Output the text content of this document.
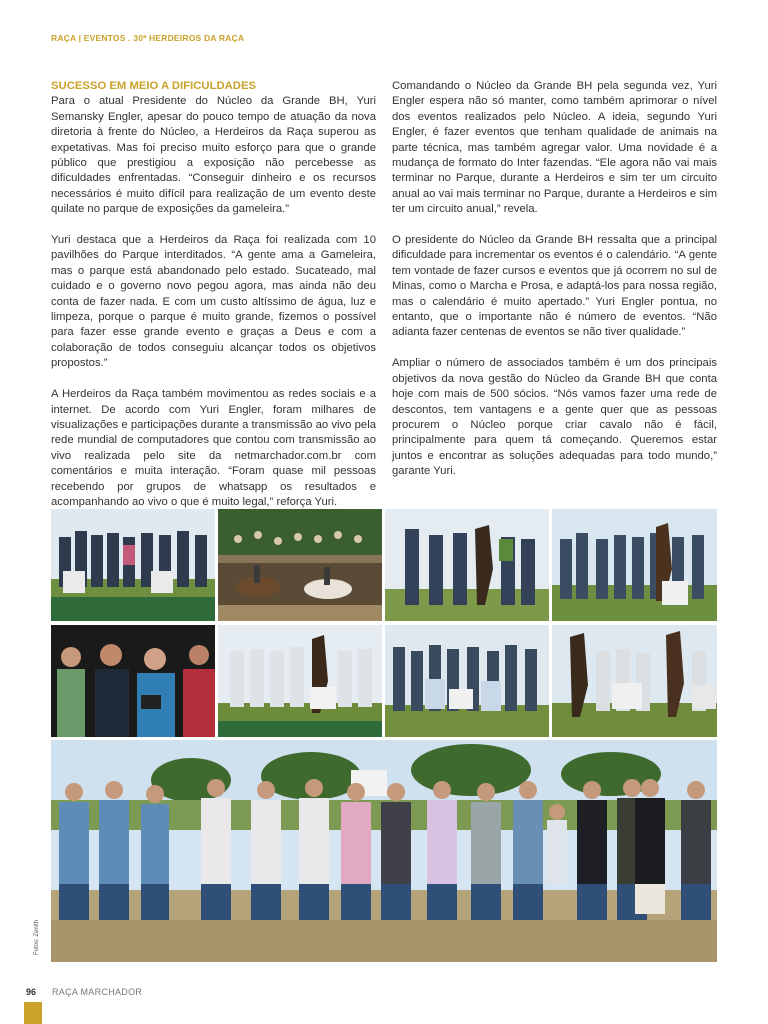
RAÇA | EVENTOS . 30ª HERDEIROS DA RAÇA

SUCESSO EM MEIO A DIFICULDADES
Para o atual Presidente do Núcleo da Grande BH, Yuri Semansky Engler, apesar do pouco tempo de atuação da nova diretoria à frente do Núcleo, a Herdeiros da Raça superou as expetativas. Mas foi preciso muito esforço para que o grande público que prestigiou a exposição não percebesse as dificuldades enfrentadas. “Conseguir dinheiro e os recursos necessários é muito difícil para realização de um evento deste quilate no parque de exposições da gameleira.”

Yuri destaca que a Herdeiros da Raça foi realizada com 10 pavilhões do Parque interditados. “A gente ama a Gameleira, mas o parque está abandonado pelo estado. Sucateado, mal cuidado e o governo novo pegou agora, mas ainda não deu conta de fazer nada. E com um custo altíssimo de água, luz e limpeza, porque o parque é muito grande, fizemos o possível para fazer esse grande evento e graças a Deus e com a colaboração de todos conseguiu alcançar todos os objetivos propostos.”

A Herdeiros da Raça também movimentou as redes sociais e a internet. De acordo com Yuri Engler, foram milhares de visualizações e participações durante a transmissão ao vivo pela rede mundial de computadores que contou com transmissão ao vivo realizada pelo site da netmarchador.com.br com comentários e muita interação. “Foram quase mil pessoas recebendo por grupos de whatsapp os resultados e acompanhando ao vivo o que é muito legal,” reforça Yuri.

Comandando o Núcleo da Grande BH pela segunda vez, Yuri Engler espera não só manter, como também aprimorar o nível dos eventos realizados pelo Núcleo. A ideia, segundo Yuri Engler, é fazer eventos que tenham qualidade de animais na parte técnica, mas também agregar valor. Uma novidade é a mudança de formato do Inter fazendas. “Ele agora não vai mais terminar no Parque, durante a Herdeiros e sim ter um circuito anual ao vai mais terminar no Parque, durante a Herdeiros e sim ter um circuito anual,” revela.

O presidente do Núcleo da Grande BH ressalta que a principal dificuldade para incrementar os eventos é o calendário. “A gente tem vontade de fazer cursos e eventos que já ocorrem no sul de Minas, como o Marcha e Prosa, e adaptá-los para nossa região, mas o calendário é muito apertado.” Yuri Engler pontua, no entanto, que o importante não é número de eventos. “Não adianta fazer centenas de eventos se não tiver qualidade.”

Ampliar o número de associados também é um dos principais objetivos da nova gestão do Núcleo da Grande BH que conta hoje com mais de 500 sócios. “Nós vamos fazer uma rede de descontos, tem vantagens e a gente quer que as pessoas procurem o Núcleo porque criar cavalo não é fácil, principalmente para quem tá começando. Queremos estar juntos e encontrar as soluções adequadas para todo mundo,” garante Yuri.

Fotos: Zenith
96 RAÇA MARCHADOR
